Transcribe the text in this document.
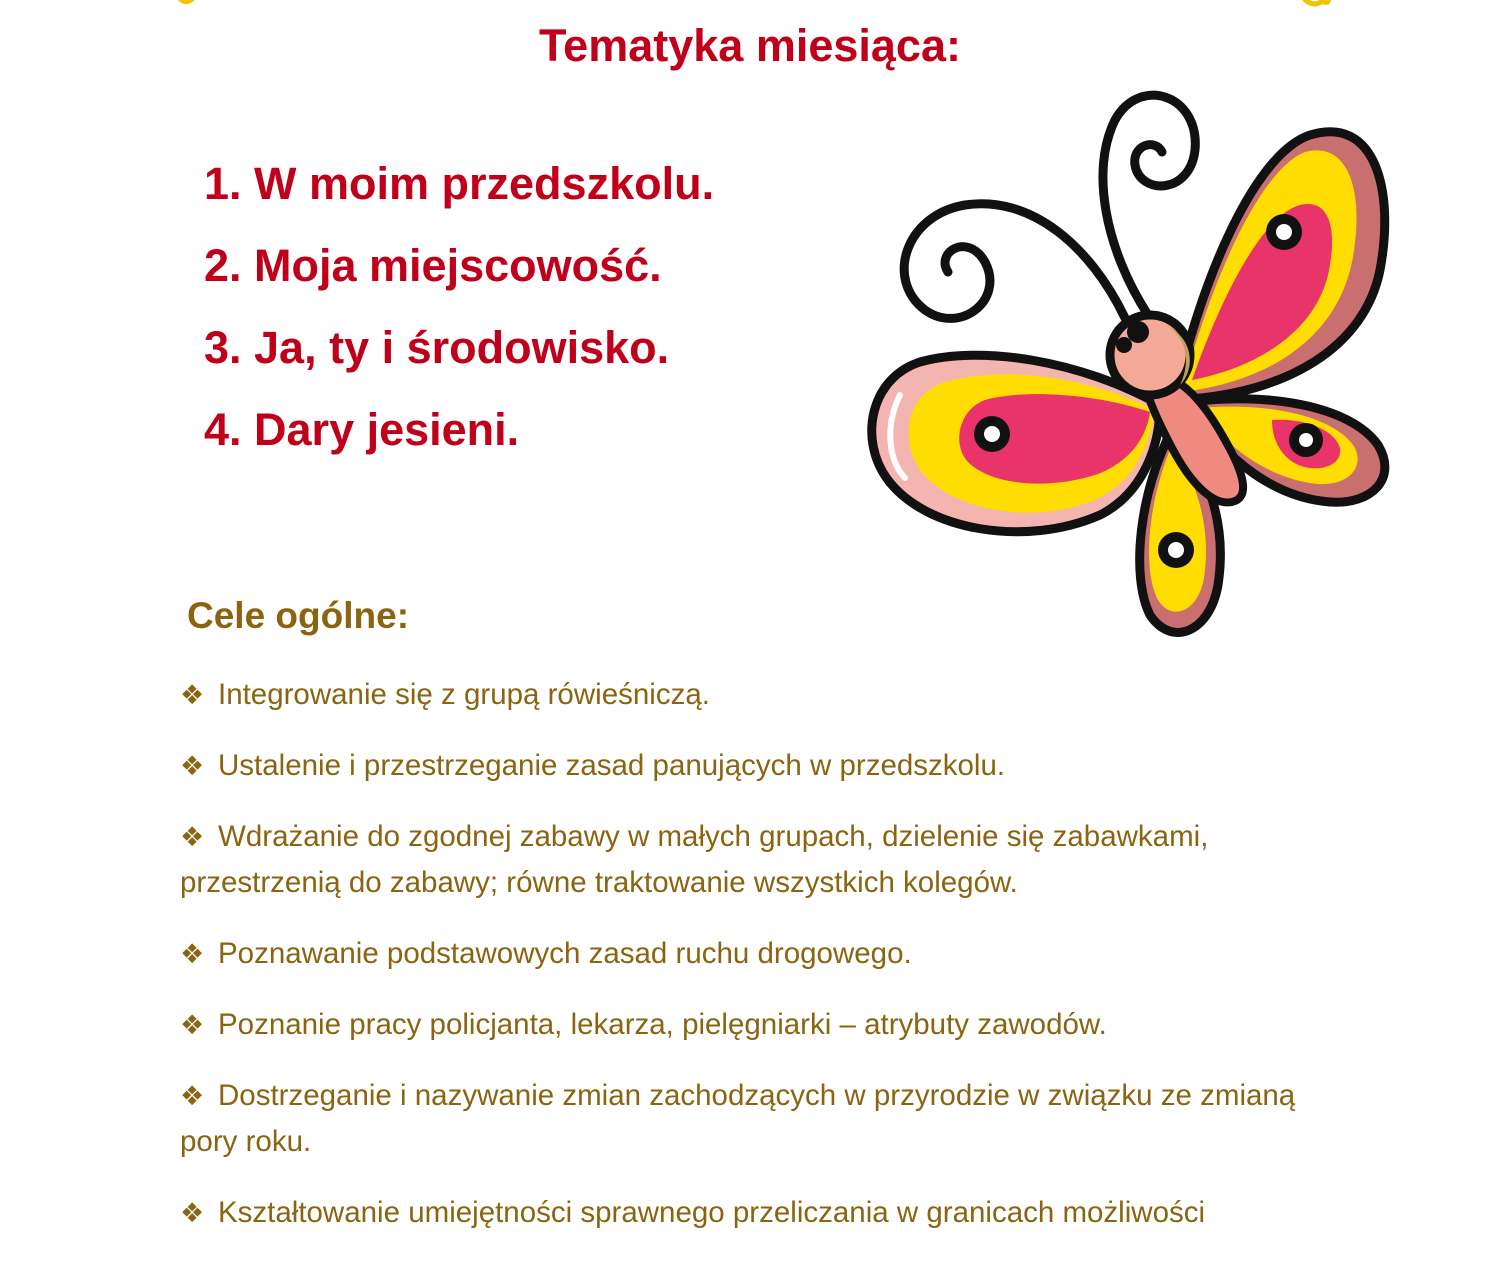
Tematyka miesiąca:
1. W moim przedszkolu.
2. Moja miejscowość.
3. Ja, ty i środowisko.
4. Dary jesieni.
Cele ogólne:
❖ Integrowanie się z grupą rówieśniczą.
❖ Ustalenie i przestrzeganie zasad panujących w przedszkolu.
❖ Wdrażanie do zgodnej zabawy w małych grupach, dzielenie się zabawkami, przestrzenią do zabawy; równe traktowanie wszystkich kolegów.
❖ Poznawanie podstawowych zasad ruchu drogowego.
❖ Poznanie pracy policjanta, lekarza, pielęgniarki – atrybuty zawodów.
❖ Dostrzeganie i nazywanie zmian zachodzących w przyrodzie w związku ze zmianą pory roku.
❖ Kształtowanie umiejętności sprawnego przeliczania w granicach możliwości
